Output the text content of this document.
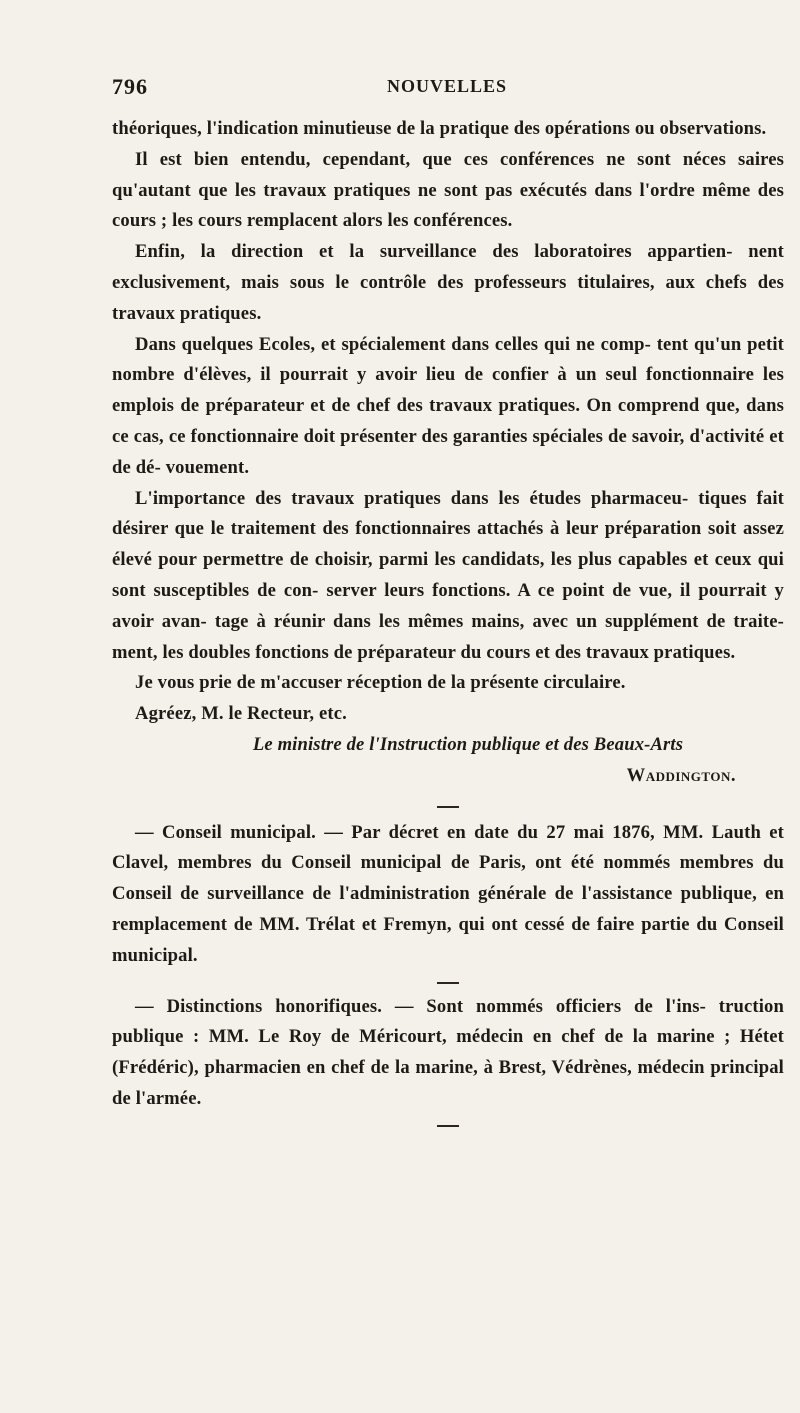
796	NOUVELLES

théoriques, l'indication minutieuse de la pratique des opérations ou observations.

Il est bien entendu, cependant, que ces conférences ne sont néces saires qu'autant que les travaux pratiques ne sont pas exécutés dans l'ordre même des cours ; les cours remplacent alors les conférences.

Enfin, la direction et la surveillance des laboratoires appartien- nent exclusivement, mais sous le contrôle des professeurs titulaires, aux chefs des travaux pratiques.

Dans quelques Ecoles, et spécialement dans celles qui ne comp- tent qu'un petit nombre d'élèves, il pourrait y avoir lieu de confier à un seul fonctionnaire les emplois de préparateur et de chef des travaux pratiques. On comprend que, dans ce cas, ce fonctionnaire doit présenter des garanties spéciales de savoir, d'activité et de dé- vouement.

L'importance des travaux pratiques dans les études pharmaceu- tiques fait désirer que le traitement des fonctionnaires attachés à leur préparation soit assez élevé pour permettre de choisir, parmi les candidats, les plus capables et ceux qui sont susceptibles de con- server leurs fonctions. A ce point de vue, il pourrait y avoir avan- tage à réunir dans les mêmes mains, avec un supplément de traite- ment, les doubles fonctions de préparateur du cours et des travaux pratiques.

Je vous prie de m'accuser réception de la présente circulaire.

Agréez, M. le Recteur, etc.

Le ministre de l'Instruction publique et des Beaux-Arts

Waddington.

— Conseil municipal. — Par décret en date du 27 mai 1876, MM. Lauth et Clavel, membres du Conseil municipal de Paris, ont été nommés membres du Conseil de surveillance de l'administration générale de l'assistance publique, en remplacement de MM. Trélat et Fremyn, qui ont cessé de faire partie du Conseil municipal.

— Distinctions honorifiques. — Sont nommés officiers de l'ins- truction publique : MM. Le Roy de Méricourt, médecin en chef de la marine ; Hétet (Frédéric), pharmacien en chef de la marine, à Brest, Védrènes, médecin principal de l'armée.
